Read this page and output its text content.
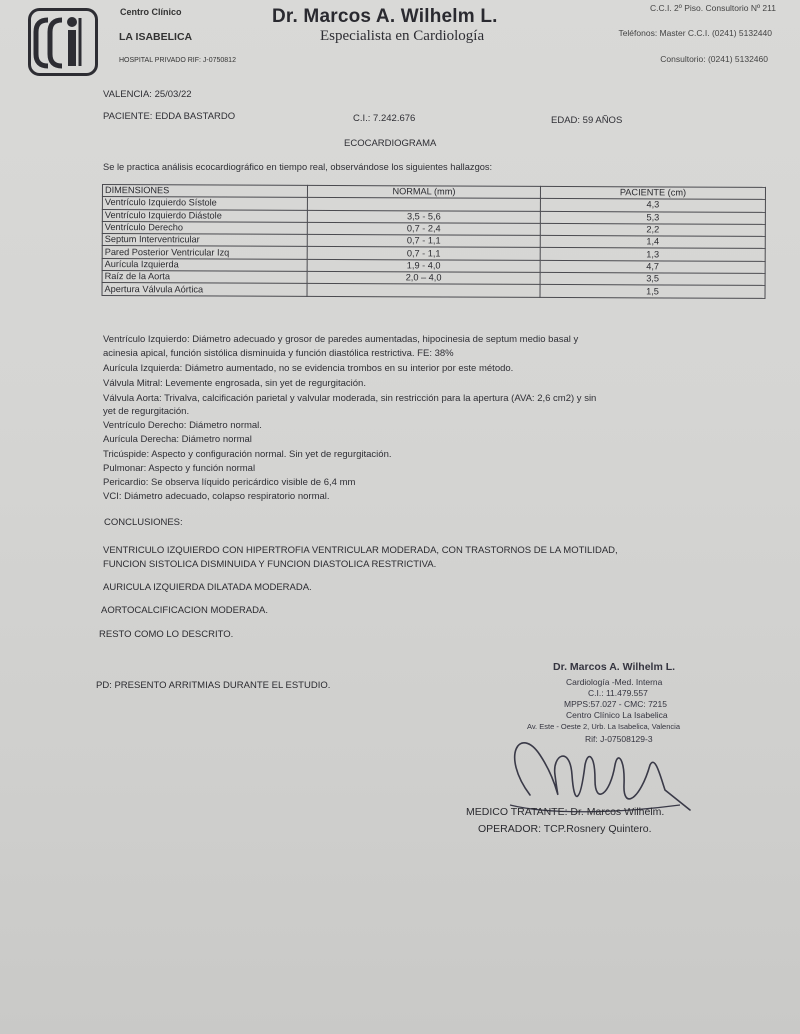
Centro Clínico
LA ISABELICA
HOSPITAL PRIVADO RIF: J-0750812
Dr. Marcos A. Wilhelm L.
Especialista en Cardiología
C.C.I. 2º Piso. Consultorio Nº 211
Teléfonos: Master C.C.I. (0241) 5132440
Consultorio: (0241) 5132460
VALENCIA: 25/03/22
PACIENTE: EDDA BASTARDO	C.I.: 7.242.676	EDAD: 59 AÑOS
ECOCARDIOGRAMA
Se le practica análisis ecocardiográfico en tiempo real, observándose los siguientes hallazgos:
DIMENSIONES	NORMAL (mm)	PACIENTE (cm)
Ventrículo Izquierdo Sístole		4,3
Ventrículo Izquierdo Diástole	3,5 - 5,6	5,3
Ventrículo Derecho	0,7 - 2,4	2,2
Septum Interventricular	0,7 - 1,1	1,4
Pared Posterior Ventricular Izq	0,7 - 1,1	1,3
Aurícula Izquierda	1,9 - 4,0	4,7
Raíz de la Aorta	2,0 – 4,0	3,5
Apertura Válvula Aórtica		1,5
Ventrículo Izquierdo: Diámetro adecuado y grosor de paredes aumentadas, hipocinesia de septum medio basal y
acinesia apical, función sistólica disminuida y función diastólica restrictiva. FE: 38%
Aurícula Izquierda: Diámetro aumentado, no se evidencia trombos en su interior por este método.
Válvula Mitral: Levemente engrosada, sin yet de regurgitación.
Válvula Aorta: Trivalva, calcificación parietal y valvular moderada, sin restricción para la apertura (AVA: 2,6 cm2) y sin
yet de regurgitación.
Ventrículo Derecho: Diámetro normal.
Aurícula Derecha: Diámetro normal
Tricúspide: Aspecto y configuración normal. Sin yet de regurgitación.
Pulmonar: Aspecto y función normal
Pericardio: Se observa líquido pericárdico visible de 6,4 mm
VCI: Diámetro adecuado, colapso respiratorio normal.
CONCLUSIONES:
VENTRICULO IZQUIERDO CON HIPERTROFIA VENTRICULAR MODERADA, CON TRASTORNOS DE LA MOTILIDAD,
FUNCION SISTOLICA DISMINUIDA Y FUNCION DIASTOLICA RESTRICTIVA.
AURICULA IZQUIERDA DILATADA MODERADA.
AORTOCALCIFICACION MODERADA.
RESTO COMO LO DESCRITO.
PD: PRESENTO ARRITMIAS DURANTE EL ESTUDIO.
Dr. Marcos A. Wilhelm L.
Cardiología -Med. Interna
C.I.: 11.479.557
MPPS:57.027 - CMC: 7215
Centro Clínico La Isabelica
Av. Este - Oeste 2, Urb. La Isabelica, Valencia
Rif: J-07508129-3
MEDICO TRATANTE: Dr. Marcos Wilhelm.
OPERADOR: TCP.Rosnery Quintero.
